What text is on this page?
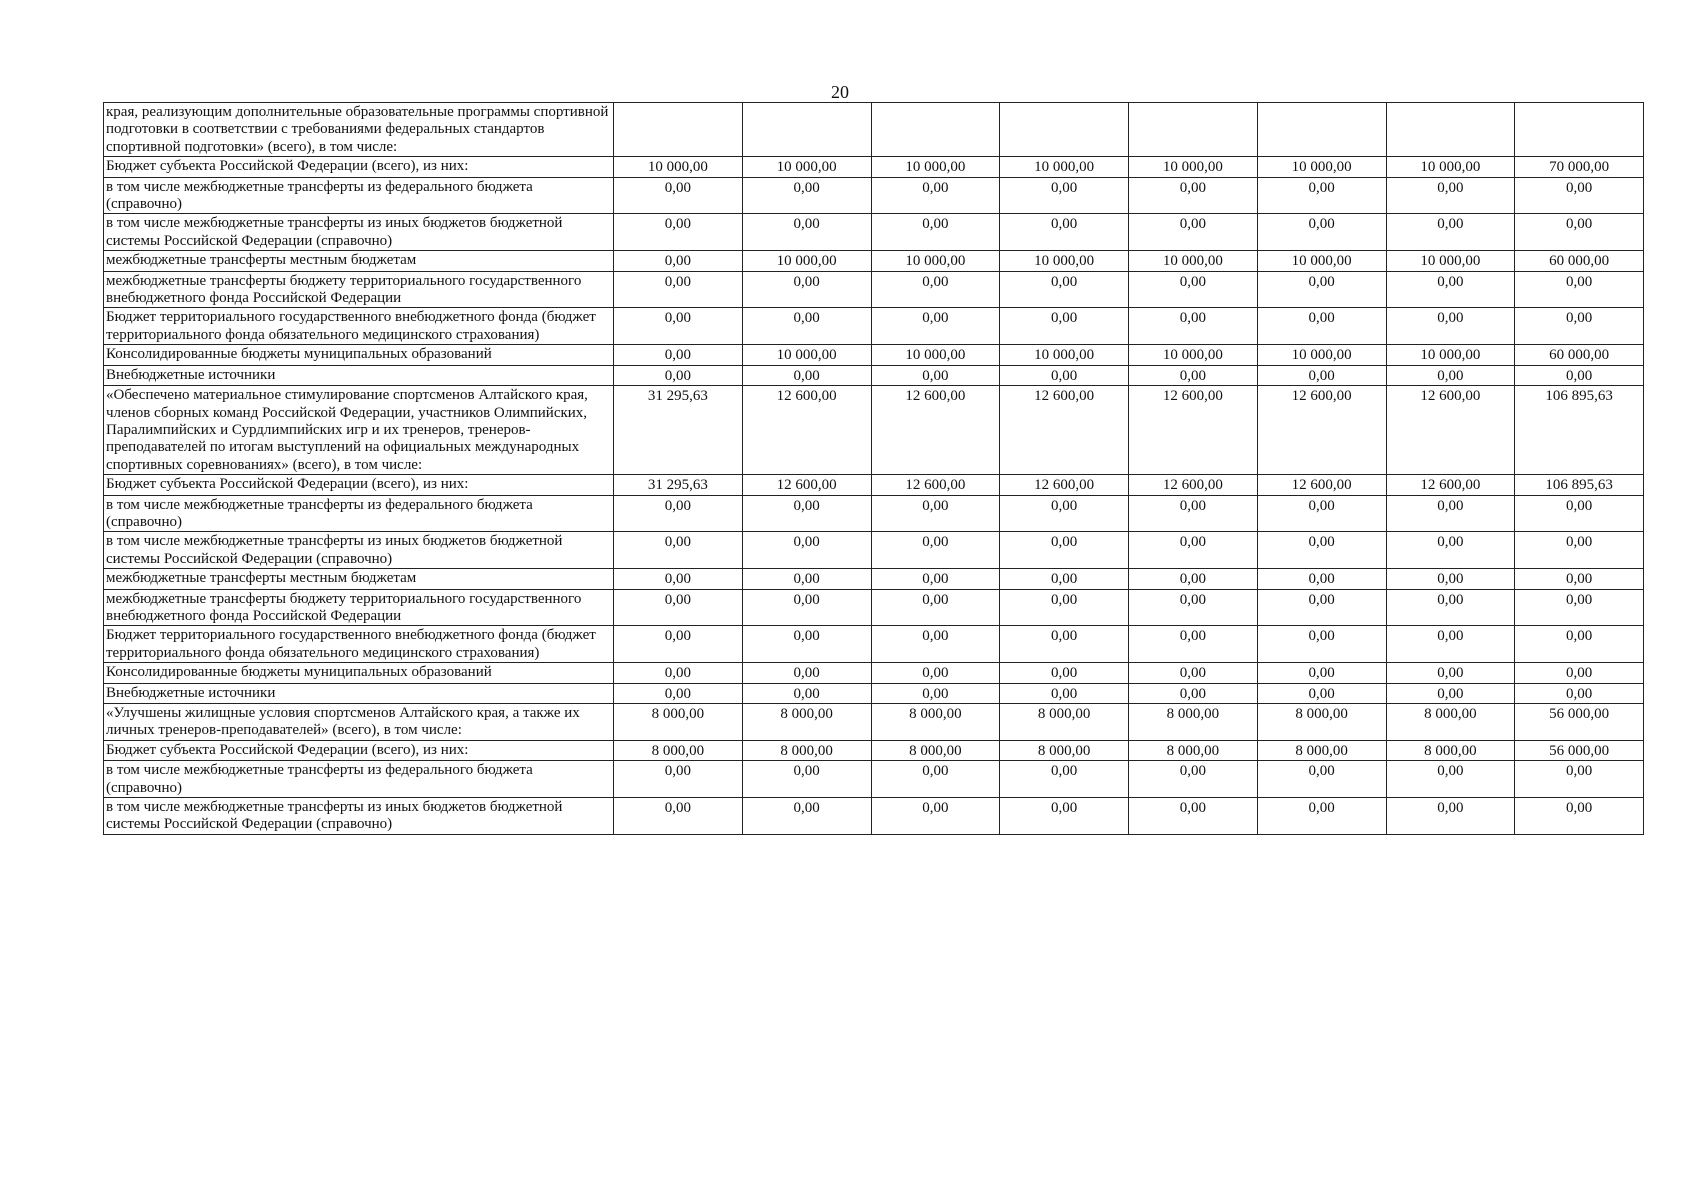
20
края, реализующим дополнительные образовательные программы спортивной подготовки в соответствии с требованиями федеральных стандартов спортивной подготовки» (всего), в том числе:								
Бюджет субъекта Российской Федерации (всего), из них:	10 000,00	10 000,00	10 000,00	10 000,00	10 000,00	10 000,00	10 000,00	70 000,00
в том числе межбюджетные трансферты из федерального бюджета (справочно)	0,00	0,00	0,00	0,00	0,00	0,00	0,00	0,00
в том числе межбюджетные трансферты из иных бюджетов бюджетной системы Российской Федерации (справочно)	0,00	0,00	0,00	0,00	0,00	0,00	0,00	0,00
межбюджетные трансферты местным бюджетам	0,00	10 000,00	10 000,00	10 000,00	10 000,00	10 000,00	10 000,00	60 000,00
межбюджетные трансферты бюджету территориального государственного внебюджетного фонда Российской Федерации	0,00	0,00	0,00	0,00	0,00	0,00	0,00	0,00
Бюджет территориального государственного внебюджетного фонда (бюджет территориального фонда обязательного медицинского страхования)	0,00	0,00	0,00	0,00	0,00	0,00	0,00	0,00
Консолидированные бюджеты муниципальных образований	0,00	10 000,00	10 000,00	10 000,00	10 000,00	10 000,00	10 000,00	60 000,00
Внебюджетные источники	0,00	0,00	0,00	0,00	0,00	0,00	0,00	0,00
«Обеспечено материальное стимулирование спортсменов Алтайского края, членов сборных команд Российской Федерации, участников Олимпийских, Паралимпийских и Сурдлимпийских игр и их тренеров, тренеров-преподавателей по итогам выступлений на официальных международных спортивных соревнованиях» (всего), в том числе:	31 295,63	12 600,00	12 600,00	12 600,00	12 600,00	12 600,00	12 600,00	106 895,63
Бюджет субъекта Российской Федерации (всего), из них:	31 295,63	12 600,00	12 600,00	12 600,00	12 600,00	12 600,00	12 600,00	106 895,63
в том числе межбюджетные трансферты из федерального бюджета (справочно)	0,00	0,00	0,00	0,00	0,00	0,00	0,00	0,00
в том числе межбюджетные трансферты из иных бюджетов бюджетной системы Российской Федерации (справочно)	0,00	0,00	0,00	0,00	0,00	0,00	0,00	0,00
межбюджетные трансферты местным бюджетам	0,00	0,00	0,00	0,00	0,00	0,00	0,00	0,00
межбюджетные трансферты бюджету территориального государственного внебюджетного фонда Российской Федерации	0,00	0,00	0,00	0,00	0,00	0,00	0,00	0,00
Бюджет территориального государственного внебюджетного фонда (бюджет территориального фонда обязательного медицинского страхования)	0,00	0,00	0,00	0,00	0,00	0,00	0,00	0,00
Консолидированные бюджеты муниципальных образований	0,00	0,00	0,00	0,00	0,00	0,00	0,00	0,00
Внебюджетные источники	0,00	0,00	0,00	0,00	0,00	0,00	0,00	0,00
«Улучшены жилищные условия спортсменов Алтайского края, а также их личных тренеров-преподавателей» (всего), в том числе:	8 000,00	8 000,00	8 000,00	8 000,00	8 000,00	8 000,00	8 000,00	56 000,00
Бюджет субъекта Российской Федерации (всего), из них:	8 000,00	8 000,00	8 000,00	8 000,00	8 000,00	8 000,00	8 000,00	56 000,00
в том числе межбюджетные трансферты из федерального бюджета (справочно)	0,00	0,00	0,00	0,00	0,00	0,00	0,00	0,00
в том числе межбюджетные трансферты из иных бюджетов бюджетной системы Российской Федерации (справочно)	0,00	0,00	0,00	0,00	0,00	0,00	0,00	0,00
